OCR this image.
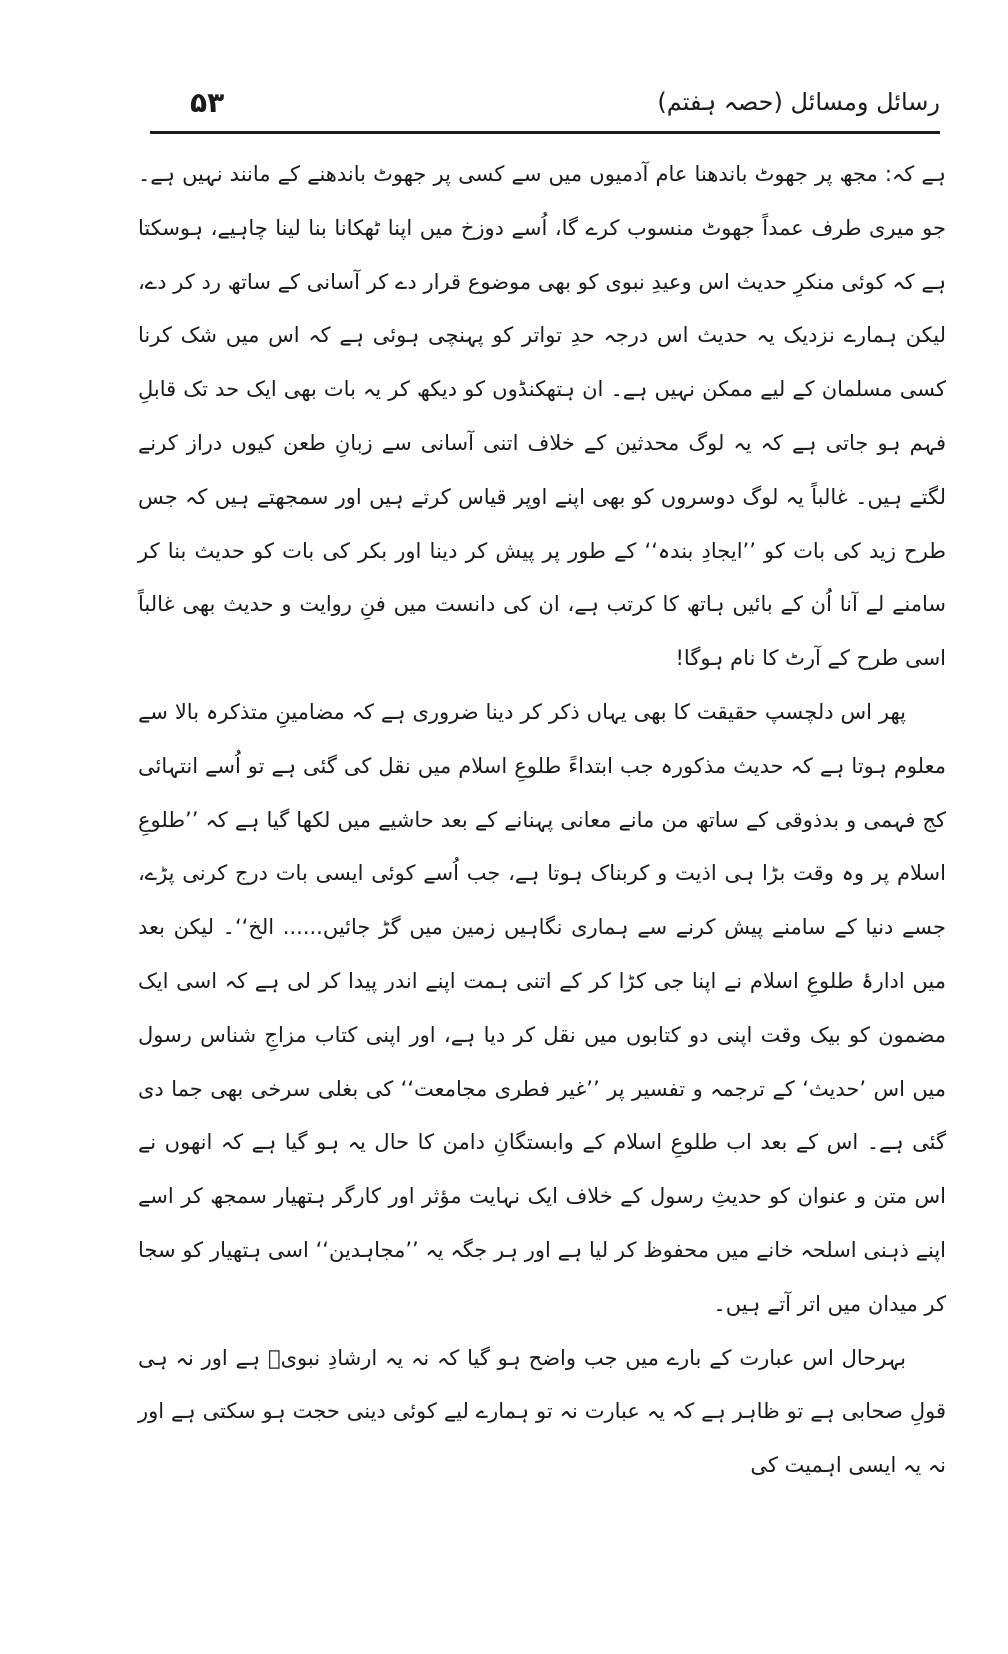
۵۳	رسائل ومسائل (حصہ ہفتم)

ہے کہ: مجھ پر جھوٹ باندھنا عام آدمیوں میں سے کسی پر جھوٹ باندھنے کے مانند نہیں ہے۔ جو میری طرف عمداً جھوٹ منسوب کرے گا، اُسے دوزخ میں اپنا ٹھکانا بنا لینا چاہیے، ہوسکتا ہے کہ کوئی منکرِ حدیث اس وعیدِ نبوی کو بھی موضوع قرار دے کر آسانی کے ساتھ رد کر دے، لیکن ہمارے نزدیک یہ حدیث اس درجہ حدِ تواتر کو پہنچی ہوئی ہے کہ اس میں شک کرنا کسی مسلمان کے لیے ممکن نہیں ہے۔ ان ہتھکنڈوں کو دیکھ کر یہ بات بھی ایک حد تک قابلِ فہم ہو جاتی ہے کہ یہ لوگ محدثین کے خلاف اتنی آسانی سے زبانِ طعن کیوں دراز کرنے لگتے ہیں۔ غالباً یہ لوگ دوسروں کو بھی اپنے اوپر قیاس کرتے ہیں اور سمجھتے ہیں کہ جس طرح زید کی بات کو ’’ایجادِ بندہ‘‘ کے طور پر پیش کر دینا اور بکر کی بات کو حدیث بنا کر سامنے لے آنا اُن کے بائیں ہاتھ کا کرتب ہے، ان کی دانست میں فنِ روایت و حدیث بھی غالباً اسی طرح کے آرٹ کا نام ہوگا!

پھر اس دلچسپ حقیقت کا بھی یہاں ذکر کر دینا ضروری ہے کہ مضامینِ متذکرہ بالا سے معلوم ہوتا ہے کہ حدیث مذکورہ جب ابتداءً طلوعِ اسلام میں نقل کی گئی ہے تو اُسے انتہائی کج فہمی و بدذوقی کے ساتھ من مانے معانی پہنانے کے بعد حاشیے میں لکھا گیا ہے کہ ’’طلوعِ اسلام پر وہ وقت بڑا ہی اذیت و کربناک ہوتا ہے، جب اُسے کوئی ایسی بات درج کرنی پڑے، جسے دنیا کے سامنے پیش کرنے سے ہماری نگاہیں زمین میں گڑ جائیں...... الخ‘‘۔ لیکن بعد میں ادارۂ طلوعِ اسلام نے اپنا جی کڑا کر کے اتنی ہمت اپنے اندر پیدا کر لی ہے کہ اسی ایک مضمون کو بیک وقت اپنی دو کتابوں میں نقل کر دیا ہے، اور اپنی کتاب مزاجِ شناس رسول میں اس ’حدیث‘ کے ترجمہ و تفسیر پر ’’غیر فطری مجامعت‘‘ کی بغلی سرخی بھی جما دی گئی ہے۔ اس کے بعد اب طلوعِ اسلام کے وابستگانِ دامن کا حال یہ ہو گیا ہے کہ انھوں نے اس متن و عنوان کو حدیثِ رسول کے خلاف ایک نہایت مؤثر اور کارگر ہتھیار سمجھ کر اسے اپنے ذہنی اسلحہ خانے میں محفوظ کر لیا ہے اور ہر جگہ یہ ’’مجاہدین‘‘ اسی ہتھیار کو سجا کر میدان میں اتر آتے ہیں۔

بہرحال اس عبارت کے بارے میں جب واضح ہو گیا کہ نہ یہ ارشادِ نبویؐ ہے اور نہ ہی قولِ صحابی ہے تو ظاہر ہے کہ یہ عبارت نہ تو ہمارے لیے کوئی دینی حجت ہو سکتی ہے اور نہ یہ ایسی اہمیت کی
